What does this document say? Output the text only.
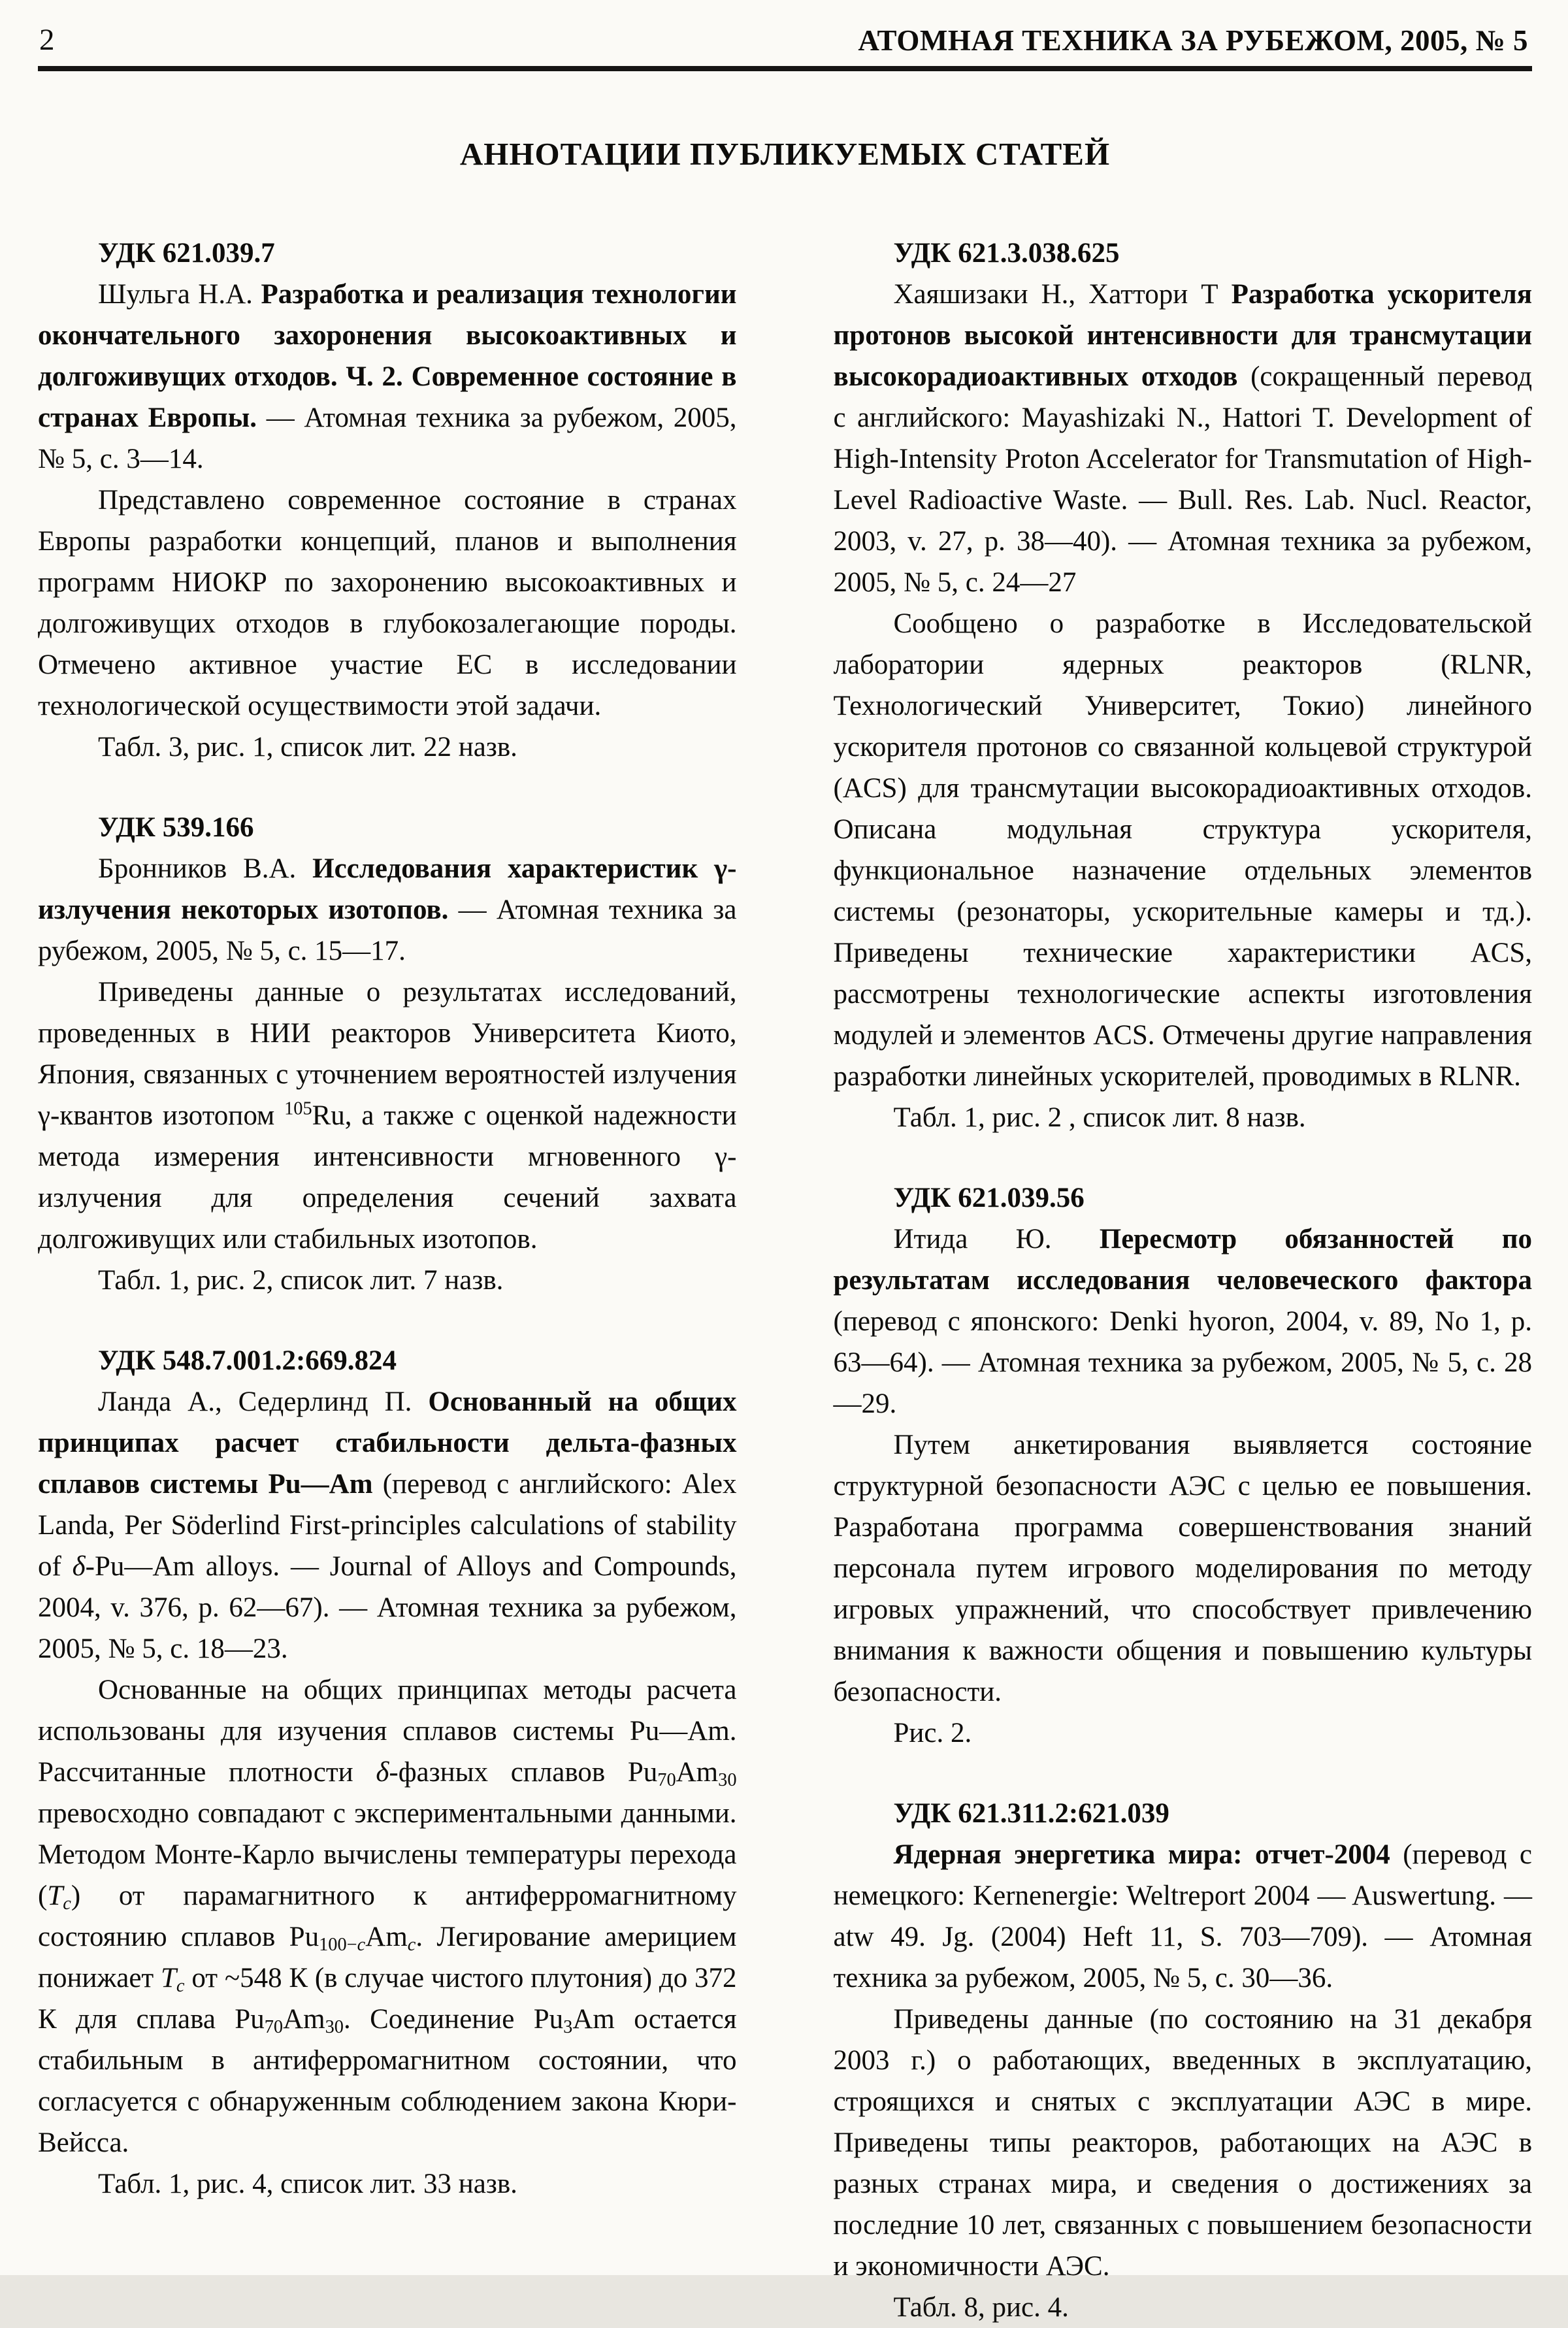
2	АТОМНАЯ ТЕХНИКА ЗА РУБЕЖОМ, 2005, № 5
АННОТАЦИИ ПУБЛИКУЕМЫХ СТАТЕЙ

УДК 621.039.7

Шульга Н.А. Разработка и реализация технологии окончательного захоронения высокоактивных и долгоживущих отходов. Ч. 2. Современное состояние в странах Европы. — Атомная техника за рубежом, 2005, № 5, с. 3—14.

Представлено современное состояние в странах Европы разработки концепций, планов и выполнения программ НИОКР по захоронению высокоактивных и долгоживущих отходов в глубокозалегающие породы. Отмечено активное участие ЕС в исследовании технологической осуществимости этой задачи.

Табл. 3, рис. 1, список лит. 22 назв.

УДК 539.166

Бронников В.А. Исследования характеристик γ-излучения некоторых изотопов. — Атомная техника за рубежом, 2005, № 5, с. 15—17.

Приведены данные о результатах исследований, проведенных в НИИ реакторов Университета Киото, Япония, связанных с уточнением вероятностей излучения γ-квантов изотопом $^{105}$Ru, а также с оценкой надежности метода измерения интенсивности мгновенного γ-излучения для определения сечений захвата долгоживущих или стабильных изотопов.

Табл. 1, рис. 2, список лит. 7 назв.

УДК 548.7.001.2:669.824

Ланда А., Седерлинд П. Основанный на общих принципах расчет стабильности дельта-фазных сплавов системы Pu—Am (перевод с английского: Alex Landa, Per Söderlind First-principles calculations of stability of δ-Pu—Am alloys. — Journal of Alloys and Compounds, 2004, v. 376, p. 62—67). — Атомная техника за рубежом, 2005, № 5, с. 18—23.

Основанные на общих принципах методы расчета использованы для изучения сплавов системы Pu—Am. Рассчитанные плотности δ-фазных сплавов $Pu_{70}Am_{30}$ превосходно совпадают с экспериментальными данными. Методом Монте-Карло вычислены температуры перехода $(T_c)$ от парамагнитного к антиферромагнитному состоянию сплавов $Pu_{100-c}Am_c$. Легирование америцием понижает $T_c$ от ~548 К (в случае чистого плутония) до 372 К для сплава $Pu_{70}Am_{30}$. Соединение $Pu_3Am$ остается стабильным в антиферромагнитном состоянии, что согласуется с обнаруженным соблюдением закона Кюри-Вейсса.

Табл. 1, рис. 4, список лит. 33 назв.

УДК 621.3.038.625

Хаяшизаки Н., Хаттори Т Разработка ускорителя протонов высокой интенсивности для трансмутации высокорадиоактивных отходов (сокращенный перевод с английского: Mayashizaki N., Hattori T. Development of High-Intensity Proton Accelerator for Transmutation of High-Level Radioactive Waste. — Bull. Res. Lab. Nucl. Reactor, 2003, v. 27, p. 38—40). — Атомная техника за рубежом, 2005, № 5, с. 24—27

Сообщено о разработке в Исследовательской лаборатории ядерных реакторов (RLNR, Технологический Университет, Токио) линейного ускорителя протонов со связанной кольцевой структурой (ACS) для трансмутации высокорадиоактивных отходов. Описана модульная структура ускорителя, функциональное назначение отдельных элементов системы (резонаторы, ускорительные камеры и тд.). Приведены технические характеристики ACS, рассмотрены технологические аспекты изготовления модулей и элементов ACS. Отмечены другие направления разработки линейных ускорителей, проводимых в RLNR.

Табл. 1, рис. 2 , список лит. 8 назв.

УДК 621.039.56

Итида Ю. Пересмотр обязанностей по результатам исследования человеческого фактора (перевод с японского: Denki hyoron, 2004, v. 89, No 1, p. 63—64). — Атомная техника за рубежом, 2005, № 5, с. 28—29.

Путем анкетирования выявляется состояние структурной безопасности АЭС с целью ее повышения. Разработана программа совершенствования знаний персонала путем игрового моделирования по методу игровых упражнений, что способствует привлечению внимания к важности общения и повышению культуры безопасности.

Рис. 2.

УДК 621.311.2:621.039

Ядерная энергетика мира: отчет-2004 (перевод с немецкого: Kernenergie: Weltreport 2004 — Auswertung. — atw 49. Jg. (2004) Heft 11, S. 703—709). — Атомная техника за рубежом, 2005, № 5, с. 30—36.

Приведены данные (по состоянию на 31 декабря 2003 г.) о работающих, введенных в эксплуатацию, строящихся и снятых с эксплуатации АЭС в мире. Приведены типы реакторов, работающих на АЭС в разных странах мира, и сведения о достижениях за последние 10 лет, связанных с повышением безопасности и экономичности АЭС.

Табл. 8, рис. 4.
